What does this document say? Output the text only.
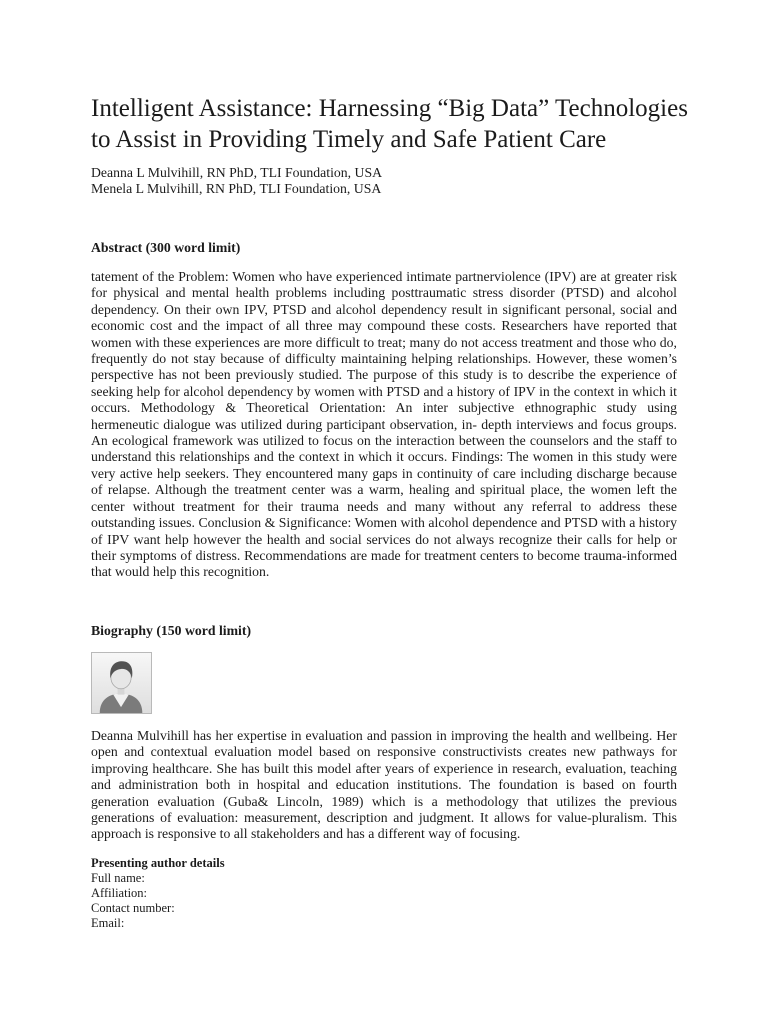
Intelligent Assistance: Harnessing “Big Data” Technologies to Assist in Providing Timely and Safe Patient Care
Deanna L Mulvihill, RN PhD, TLI Foundation, USA
Menela L Mulvihill, RN PhD, TLI Foundation, USA
Abstract (300 word limit)

tatement of the Problem: Women who have experienced intimate partnerviolence (IPV) are at greater risk for physical and mental health problems including posttraumatic stress disorder (PTSD) and alcohol dependency. On their own IPV, PTSD and alcohol dependency result in significant personal, social and economic cost and the impact of all three may compound these costs. Researchers have reported that women with these experiences are more difficult to treat; many do not access treatment and those who do, frequently do not stay because of difficulty maintaining helping relationships. However, these women’s perspective has not been previously studied. The purpose of this study is to describe the experience of seeking help for alcohol dependency by women with PTSD and a history of IPV in the context in which it occurs. Methodology & Theoretical Orientation: An inter subjective ethnographic study using hermeneutic dialogue was utilized during participant observation, in- depth interviews and focus groups. An ecological framework was utilized to focus on the interaction between the counselors and the staff to understand this relationships and the context in which it occurs. Findings: The women in this study were very active help seekers. They encountered many gaps in continuity of care including discharge because of relapse. Although the treatment center was a warm, healing and spiritual place, the women left the center without treatment for their trauma needs and many without any referral to address these outstanding issues. Conclusion & Significance: Women with alcohol dependence and PTSD with a history of IPV want help however the health and social services do not always recognize their calls for help or their symptoms of distress. Recommendations are made for treatment centers to become trauma-informed that would help this recognition.

Biography (150 word limit)

Deanna Mulvihill has her expertise in evaluation and passion in improving the health and wellbeing. Her open and contextual evaluation model based on responsive constructivists creates new pathways for improving healthcare. She has built this model after years of experience in research, evaluation, teaching and administration both in hospital and education institutions. The foundation is based on fourth generation evaluation (Guba& Lincoln, 1989) which is a methodology that utilizes the previous generations of evaluation: measurement, description and judgment. It allows for value-pluralism. This approach is responsive to all stakeholders and has a different way of focusing.

Presenting author details
Full name:
Affiliation:
Contact number:
Email:
